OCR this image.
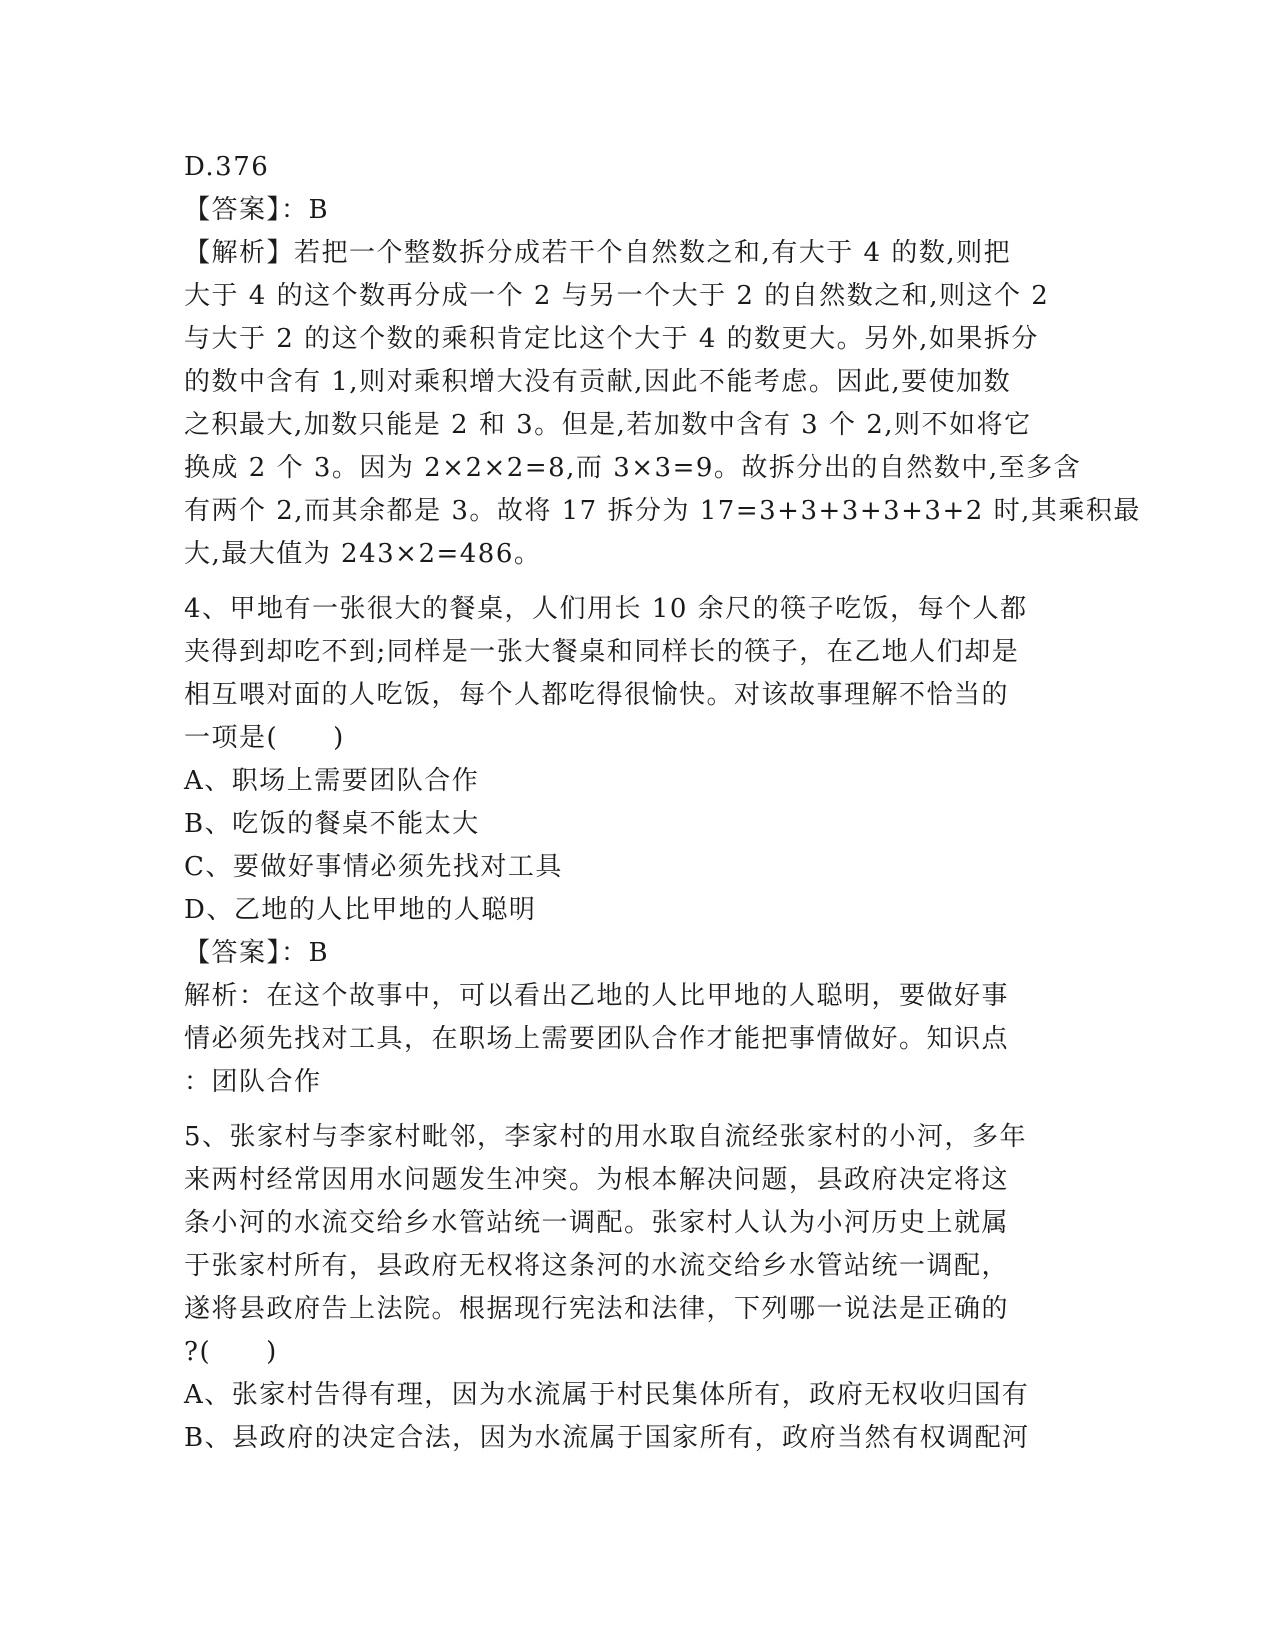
D.376
【答案】：B
【解析】若把一个整数拆分成若干个自然数之和,有大于 4 的数,则把
大于 4 的这个数再分成一个 2 与另一个大于 2 的自然数之和,则这个 2
与大于 2 的这个数的乘积肯定比这个大于 4 的数更大。另外,如果拆分
的数中含有 1,则对乘积增大没有贡献,因此不能考虑。因此,要使加数
之积最大,加数只能是 2 和 3。但是,若加数中含有 3 个 2,则不如将它
换成 2 个 3。因为 2×2×2=8,而 3×3=9。故拆分出的自然数中,至多含
有两个 2,而其余都是 3。故将 17 拆分为 17=3+3+3+3+3+2 时,其乘积最
大,最大值为 243×2=486。
4、甲地有一张很大的餐桌，人们用长 10 余尺的筷子吃饭，每个人都
夹得到却吃不到;同样是一张大餐桌和同样长的筷子，在乙地人们却是
相互喂对面的人吃饭，每个人都吃得很愉快。对该故事理解不恰当的
一项是(　　)
A、职场上需要团队合作
B、吃饭的餐桌不能太大
C、要做好事情必须先找对工具
D、乙地的人比甲地的人聪明
【答案】：B
解析：在这个故事中，可以看出乙地的人比甲地的人聪明，要做好事
情必须先找对工具，在职场上需要团队合作才能把事情做好。知识点
：团队合作
5、张家村与李家村毗邻，李家村的用水取自流经张家村的小河，多年
来两村经常因用水问题发生冲突。为根本解决问题，县政府决定将这
条小河的水流交给乡水管站统一调配。张家村人认为小河历史上就属
于张家村所有，县政府无权将这条河的水流交给乡水管站统一调配，
遂将县政府告上法院。根据现行宪法和法律，下列哪一说法是正确的
?(　　)
A、张家村告得有理，因为水流属于村民集体所有，政府无权收归国有
B、县政府的决定合法，因为水流属于国家所有，政府当然有权调配河
